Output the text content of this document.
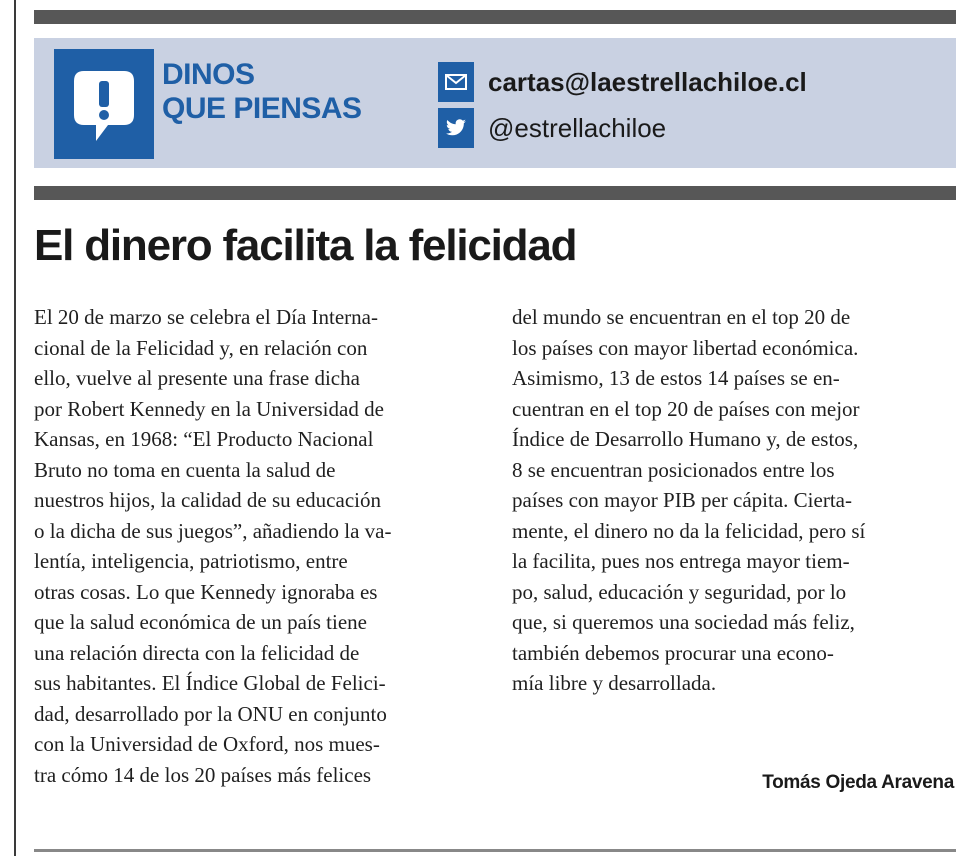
DINOS
QUE PIENSAS
cartas@laestrellachiloe.cl
@estrellachiloe
El dinero facilita la felicidad
El 20 de marzo se celebra el Día Interna-
cional de la Felicidad y, en relación con
ello, vuelve al presente una frase dicha
por Robert Kennedy en la Universidad de
Kansas, en 1968: “El Producto Nacional
Bruto no toma en cuenta la salud de
nuestros hijos, la calidad de su educación
o la dicha de sus juegos”, añadiendo la va-
lentía, inteligencia, patriotismo, entre
otras cosas. Lo que Kennedy ignoraba es
que la salud económica de un país tiene
una relación directa con la felicidad de
sus habitantes. El Índice Global de Felici-
dad, desarrollado por la ONU en conjunto
con la Universidad de Oxford, nos mues-
tra cómo 14 de los 20 países más felices
del mundo se encuentran en el top 20 de
los países con mayor libertad económica.
Asimismo, 13 de estos 14 países se en-
cuentran en el top 20 de países con mejor
Índice de Desarrollo Humano y, de estos,
8 se encuentran posicionados entre los
países con mayor PIB per cápita. Cierta-
mente, el dinero no da la felicidad, pero sí
la facilita, pues nos entrega mayor tiem-
po, salud, educación y seguridad, por lo
que, si queremos una sociedad más feliz,
también debemos procurar una econo-
mía libre y desarrollada.
Tomás Ojeda Aravena
